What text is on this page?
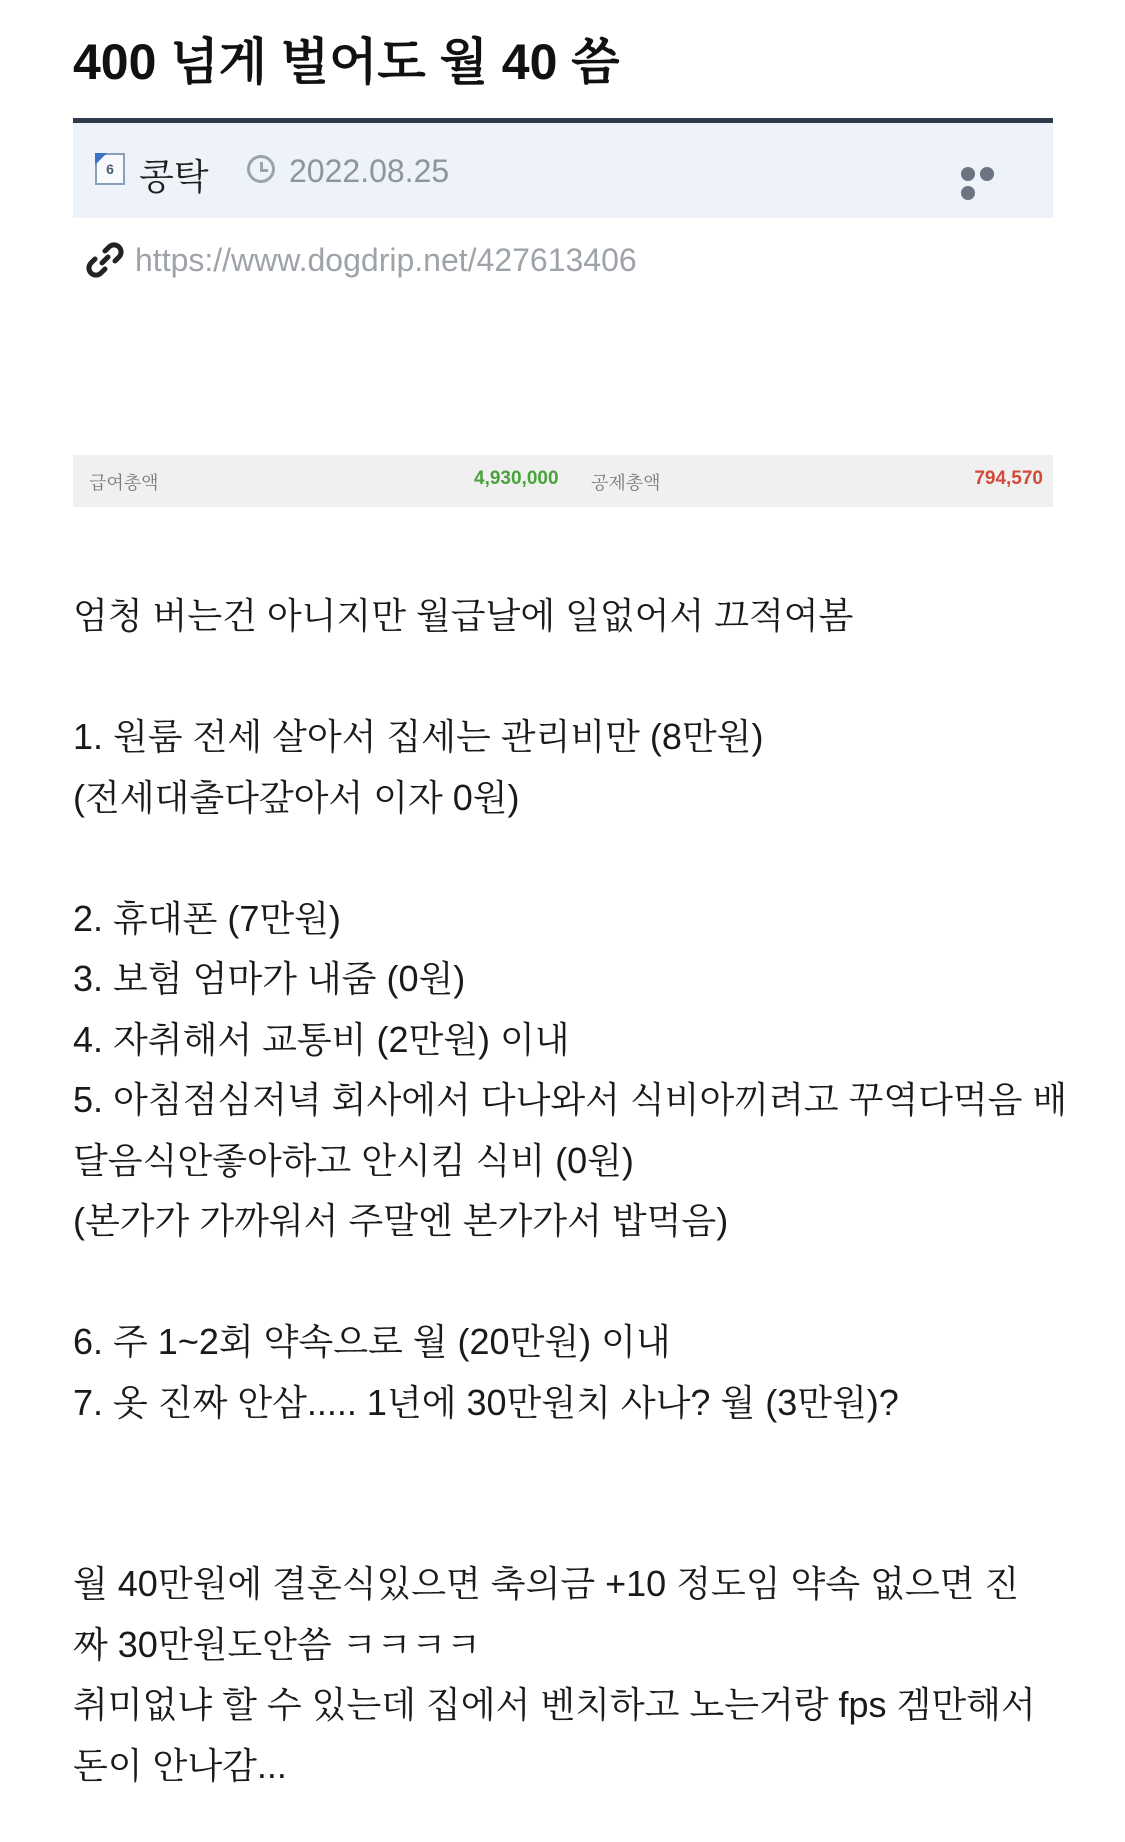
400 넘게 벌어도 월 40 씀
6 콩탁	2022.08.25
https://www.dogdrip.net/427613406
급여총액	4,930,000 공제총액	794,570

엄청 버는건 아니지만 월급날에 일없어서 끄적여봄

1. 원룸 전세 살아서 집세는 관리비만 (8만원)

(전세대출다갚아서 이자 0원)

2. 휴대폰 (7만원)

3. 보험 엄마가 내줌 (0원)

4. 자취해서 교통비 (2만원) 이내

5. 아침점심저녁 회사에서 다나와서 식비아끼려고 꾸역다먹음 배

달음식안좋아하고 안시킴 식비 (0원)

(본가가 가까워서 주말엔 본가가서 밥먹음)

6. 주 1~2회 약속으로 월 (20만원) 이내

7. 옷 진짜 안삼..... 1년에 30만원치 사나? 월 (3만원)?

월 40만원에 결혼식있으면 축의금 +10 정도임 약속 없으면 진

짜 30만원도안씀 ㅋㅋㅋㅋ

취미없냐 할 수 있는데 집에서 벤치하고 노는거랑 fps 겜만해서

돈이 안나감...
